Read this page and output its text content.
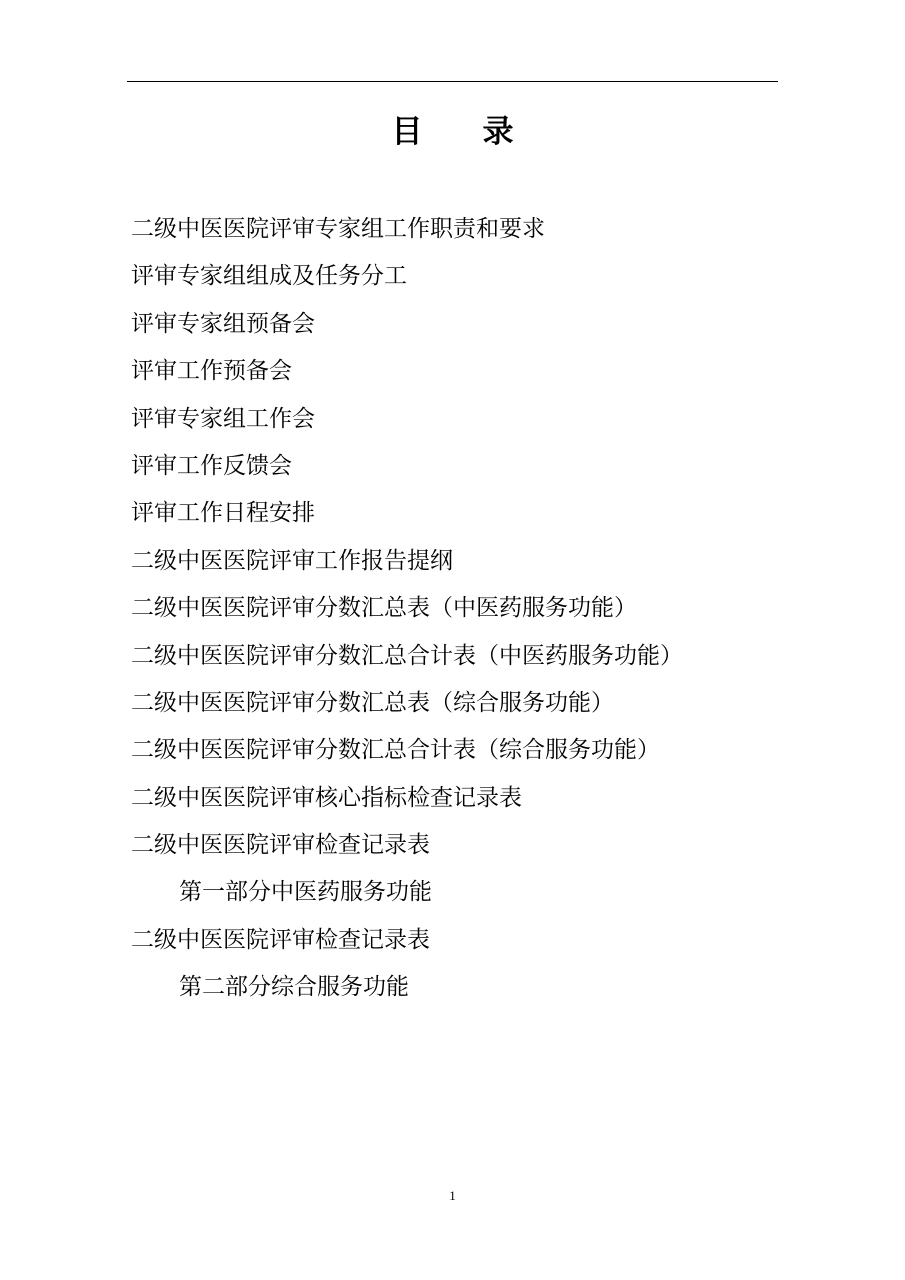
目录
二级中医医院评审专家组工作职责和要求
评审专家组组成及任务分工
评审专家组预备会
评审工作预备会
评审专家组工作会
评审工作反馈会
评审工作日程安排
二级中医医院评审工作报告提纲
二级中医医院评审分数汇总表（中医药服务功能）
二级中医医院评审分数汇总合计表（中医药服务功能）
二级中医医院评审分数汇总表（综合服务功能）
二级中医医院评审分数汇总合计表（综合服务功能）
二级中医医院评审核心指标检查记录表
二级中医医院评审检查记录表
第一部分中医药服务功能
二级中医医院评审检查记录表
第二部分综合服务功能
1
